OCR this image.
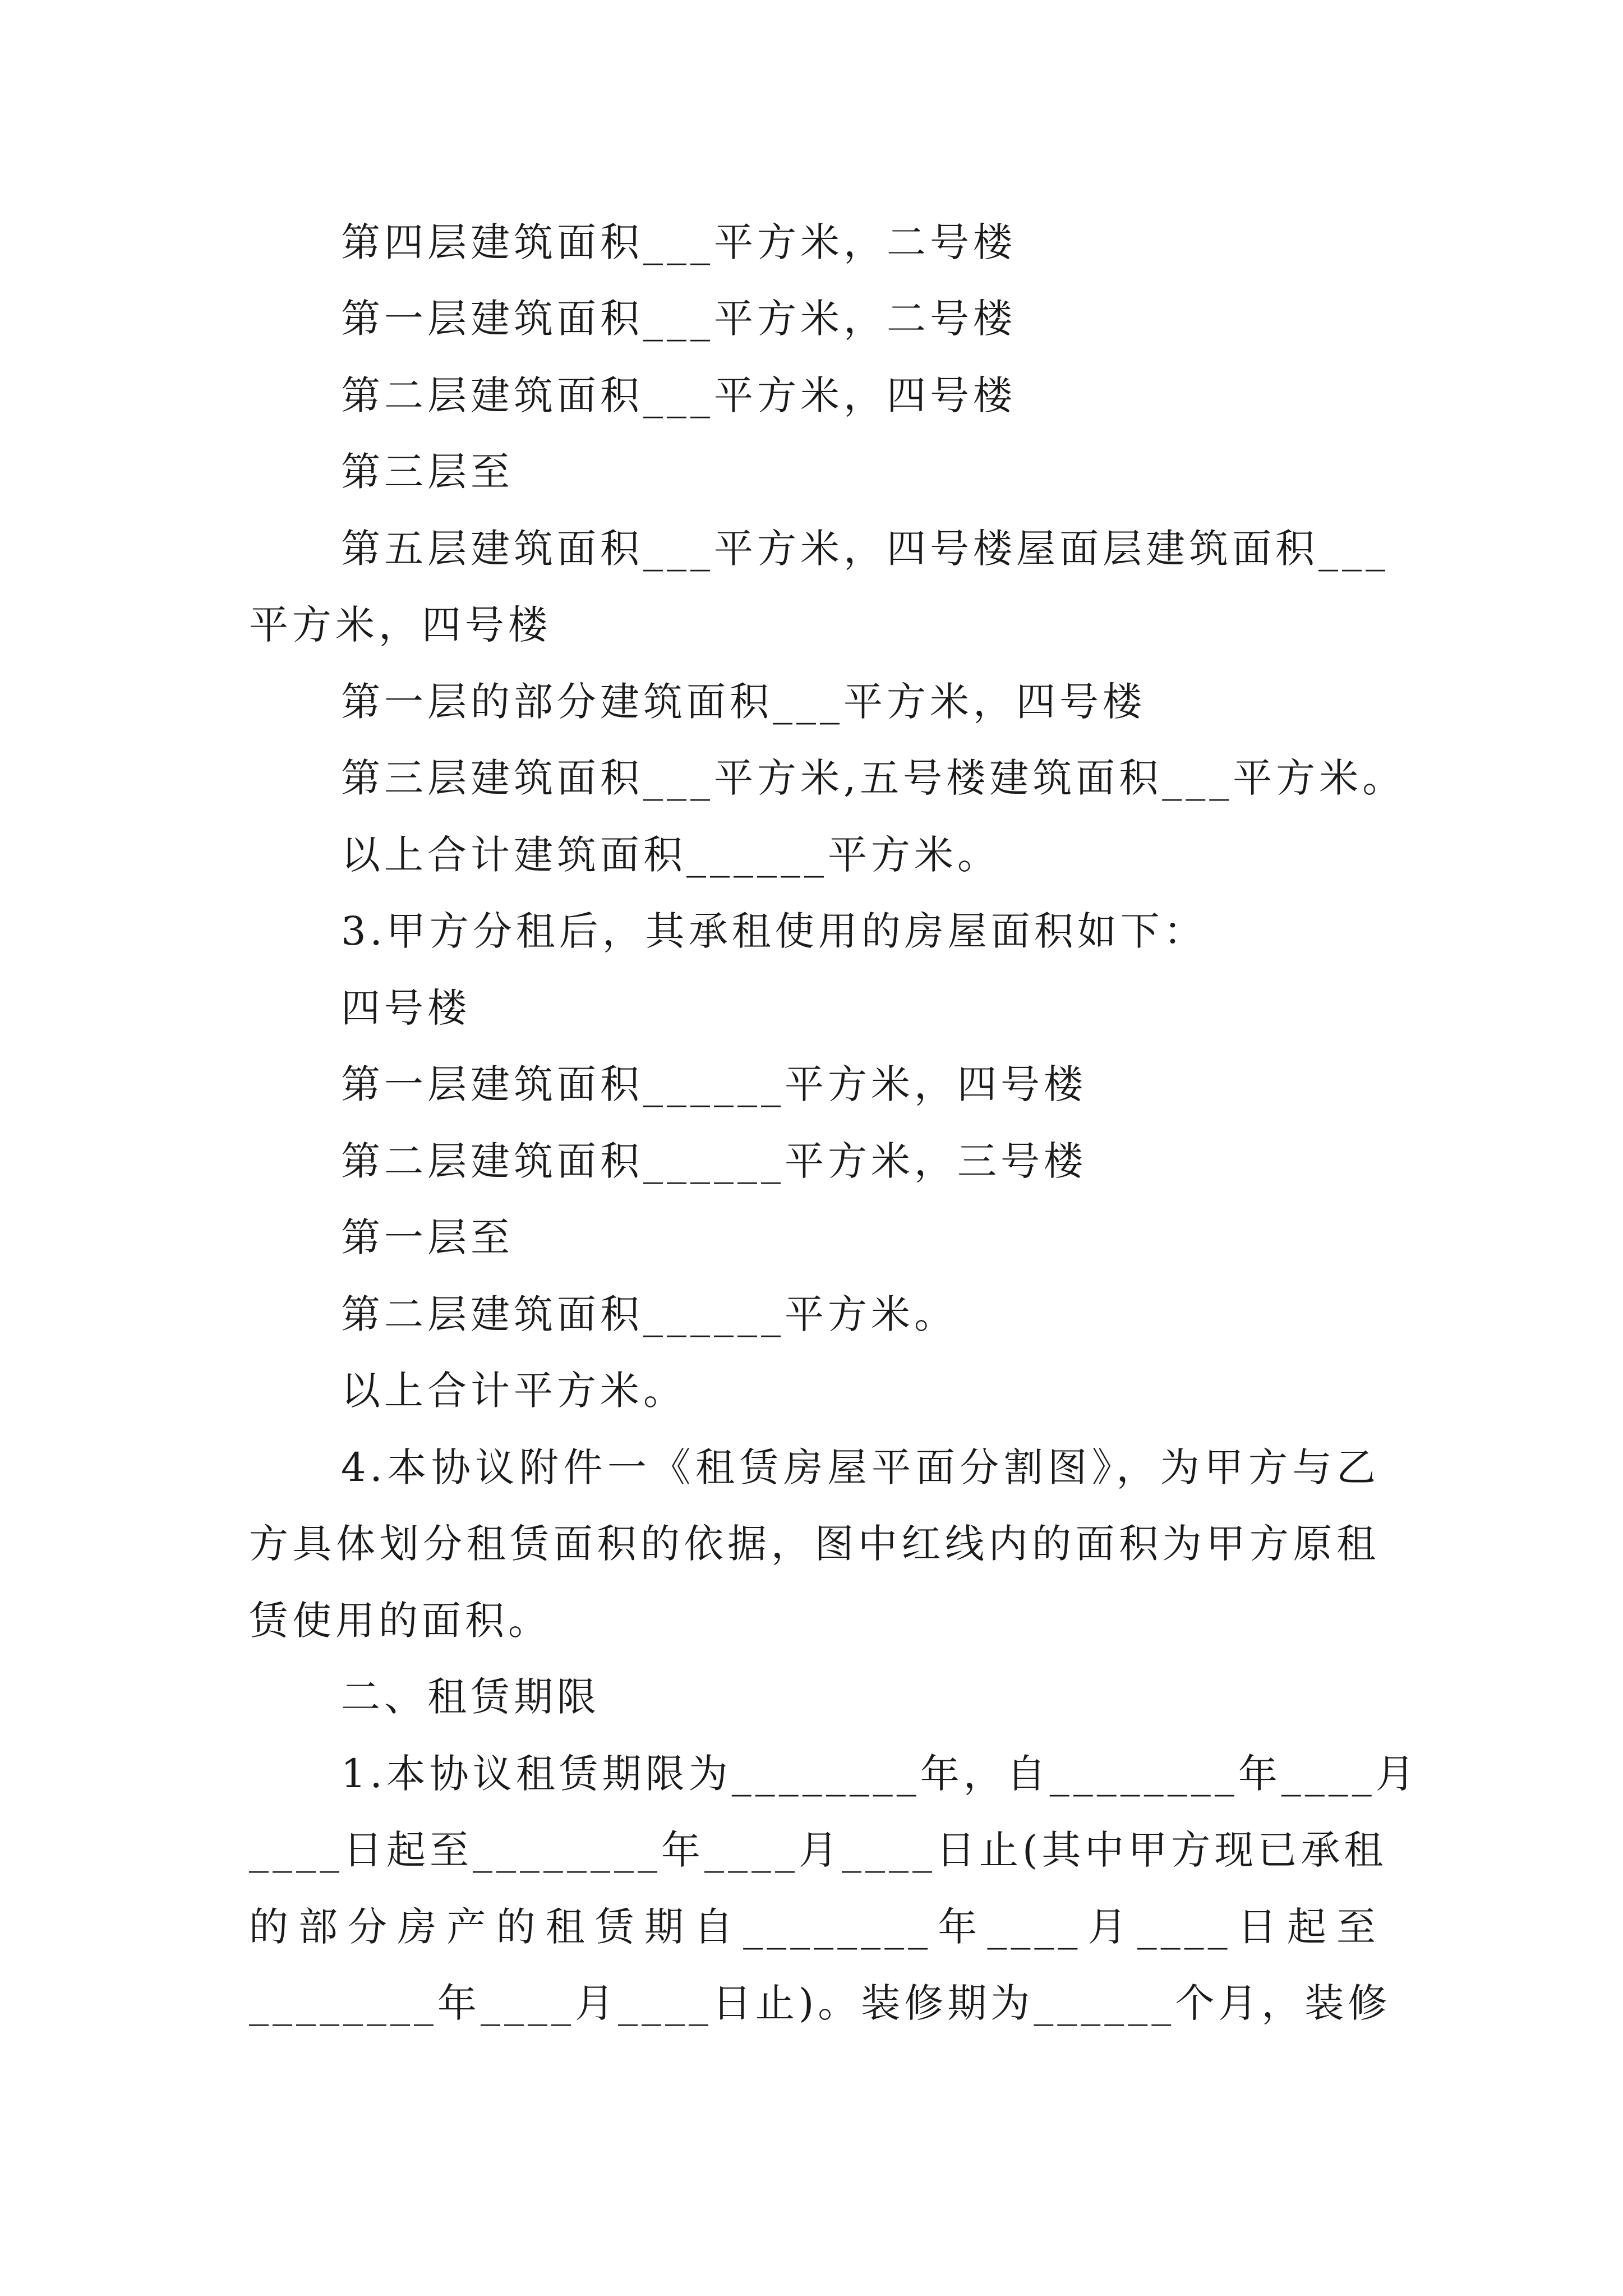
第四层建筑面积___平方米，二号楼
第一层建筑面积___平方米，二号楼
第二层建筑面积___平方米，四号楼
第三层至
第五层建筑面积___平方米，四号楼屋面层建筑面积___
平方米，四号楼
第一层的部分建筑面积___平方米，四号楼
第三层建筑面积___平方米,五号楼建筑面积___平方米。
以上合计建筑面积______平方米。
3.甲方分租后，其承租使用的房屋面积如下：
四号楼
第一层建筑面积______平方米，四号楼
第二层建筑面积______平方米，三号楼
第一层至
第二层建筑面积______平方米。
以上合计平方米。
4.本协议附件一《租赁房屋平面分割图》，为甲方与乙
方具体划分租赁面积的依据，图中红线内的面积为甲方原租
赁使用的面积。
二、租赁期限
1.本协议租赁期限为________年，自________年____月
____日起至________年____月____日止(其中甲方现已承租
的部分房产的租赁期自________年____月____日起至
________年____月____日止)。装修期为______个月，装修
